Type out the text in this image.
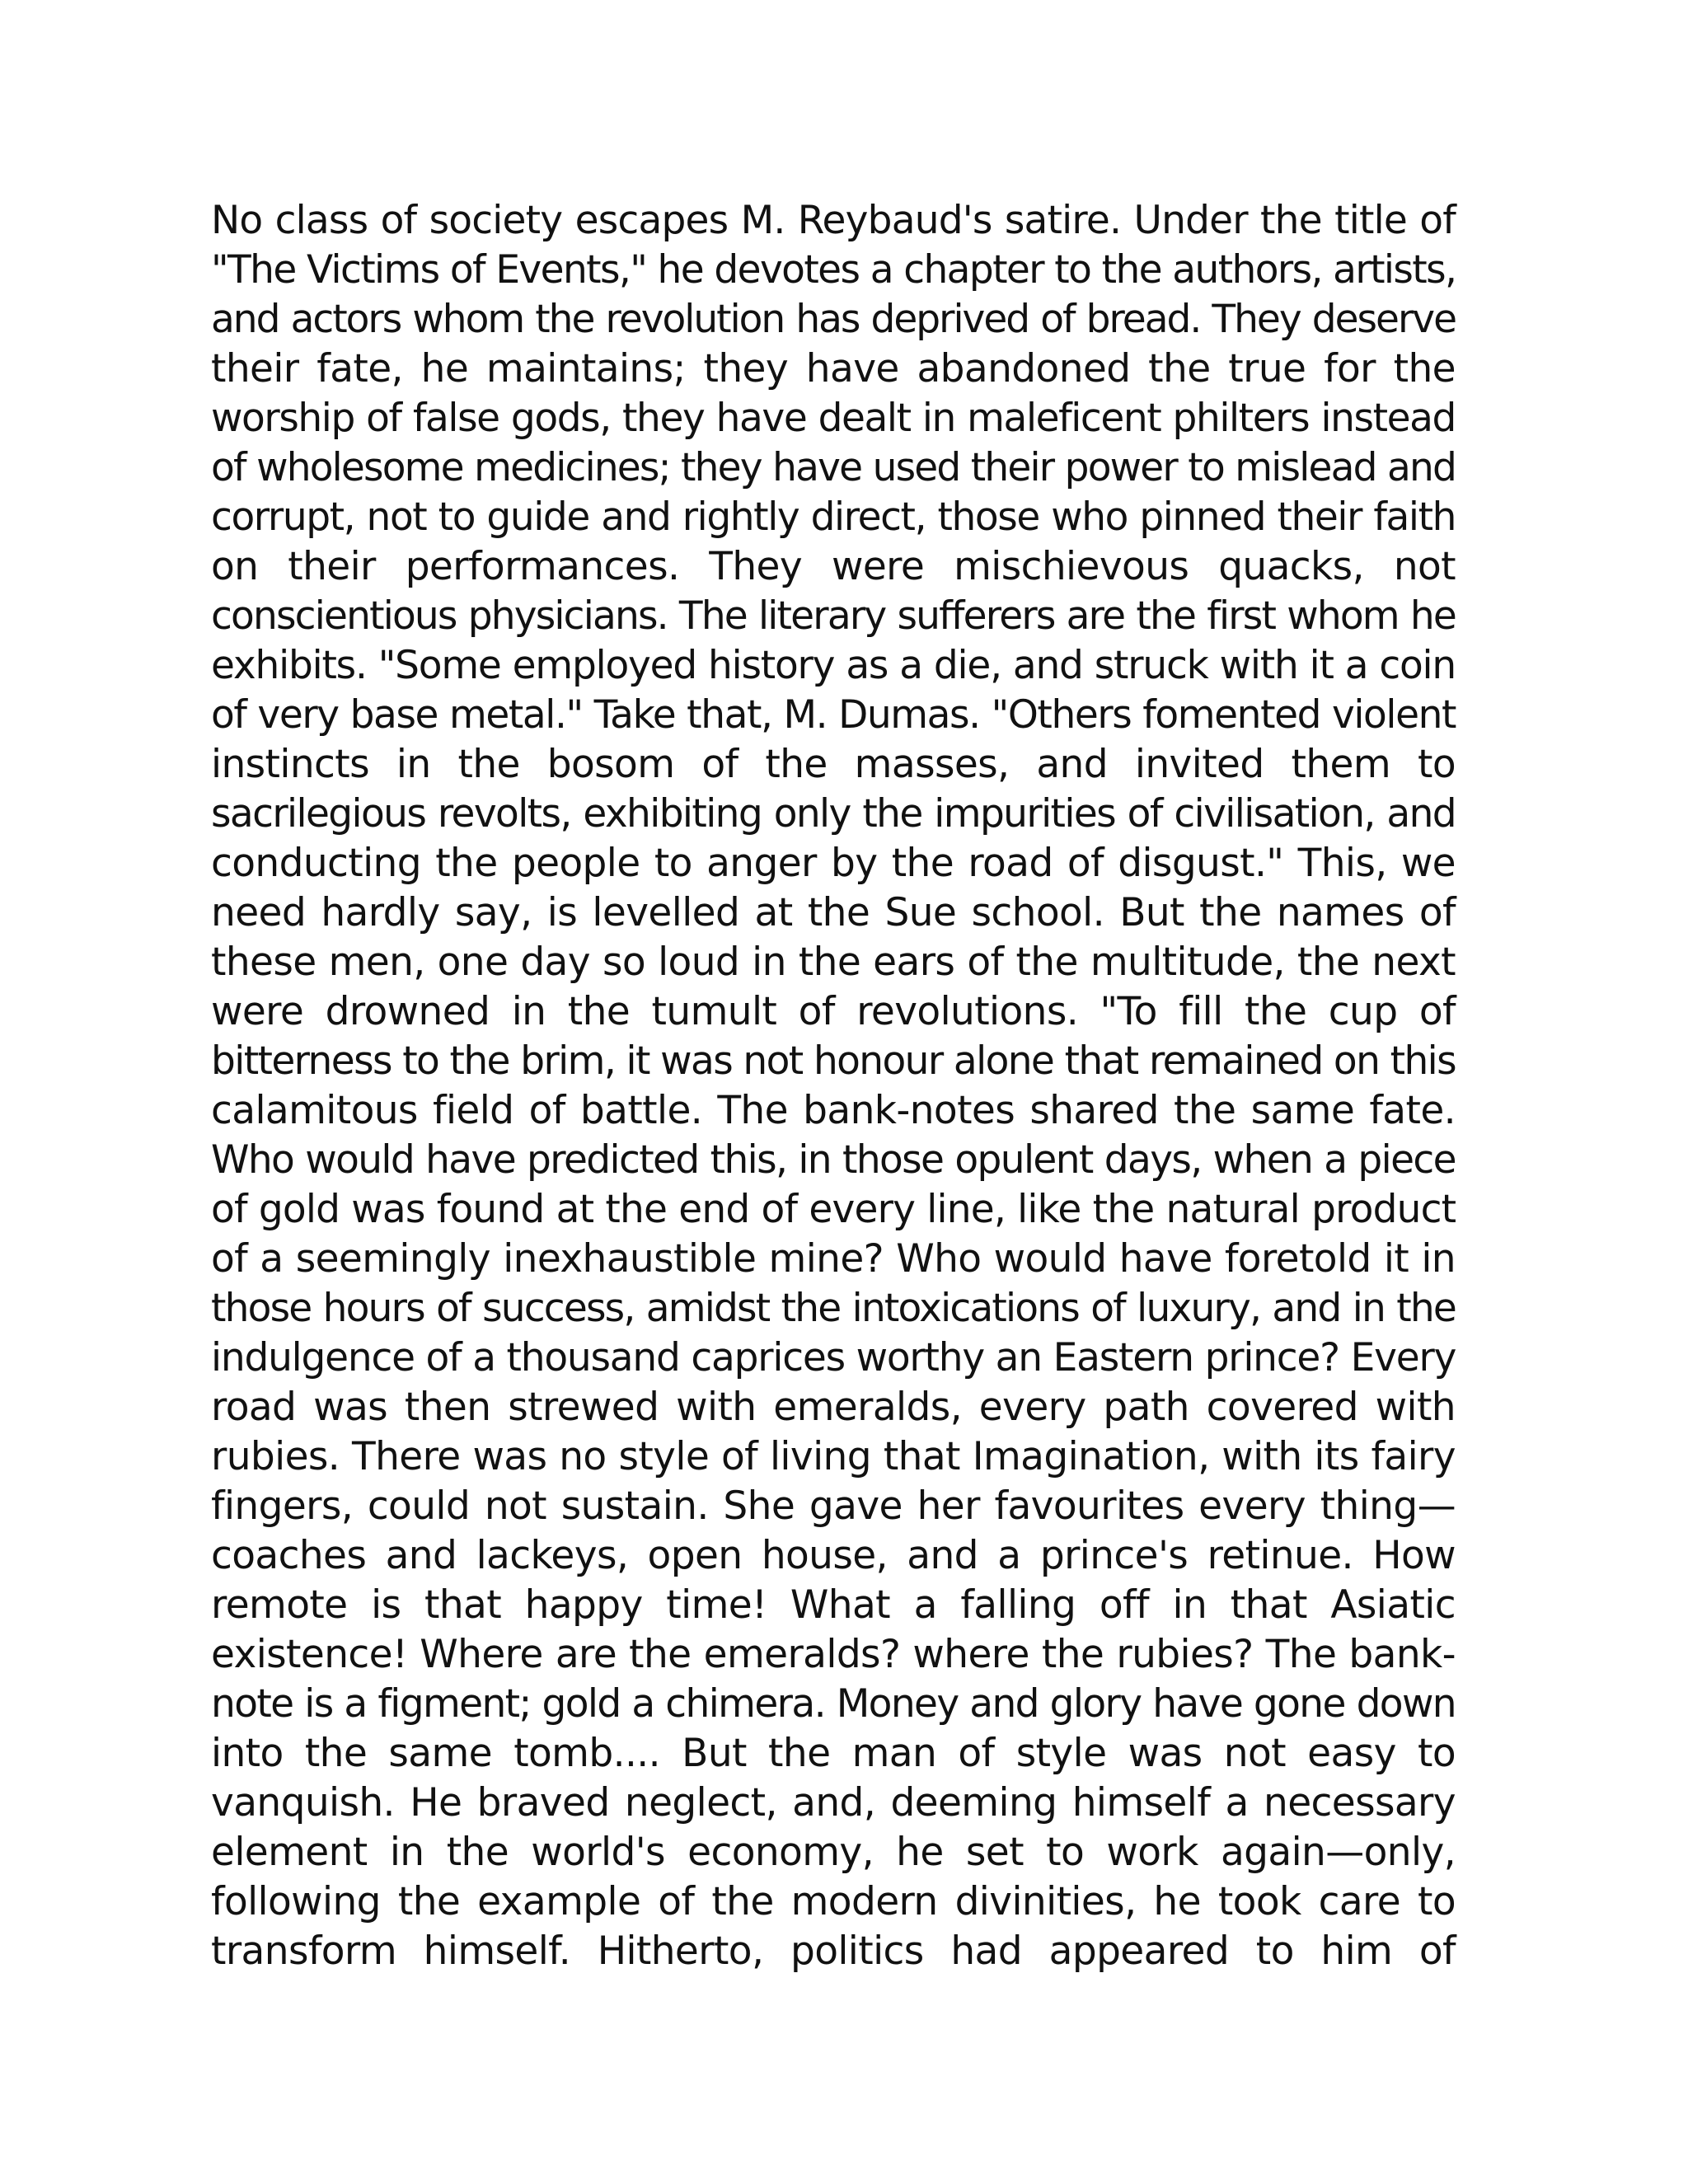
No class of society escapes M. Reybaud's satire. Under the title of
"The Victims of Events," he devotes a chapter to the authors, artists,
and actors whom the revolution has deprived of bread. They deserve
their fate, he maintains; they have abandoned the true for the
worship of false gods, they have dealt in maleficent philters instead
of wholesome medicines; they have used their power to mislead and
corrupt, not to guide and rightly direct, those who pinned their faith
on their performances. They were mischievous quacks, not
conscientious physicians. The literary sufferers are the first whom he
exhibits. "Some employed history as a die, and struck with it a coin
of very base metal." Take that, M. Dumas. "Others fomented violent
instincts in the bosom of the masses, and invited them to
sacrilegious revolts, exhibiting only the impurities of civilisation, and
conducting the people to anger by the road of disgust." This, we
need hardly say, is levelled at the Sue school. But the names of
these men, one day so loud in the ears of the multitude, the next
were drowned in the tumult of revolutions. "To fill the cup of
bitterness to the brim, it was not honour alone that remained on this
calamitous field of battle. The bank-notes shared the same fate.
Who would have predicted this, in those opulent days, when a piece
of gold was found at the end of every line, like the natural product
of a seemingly inexhaustible mine? Who would have foretold it in
those hours of success, amidst the intoxications of luxury, and in the
indulgence of a thousand caprices worthy an Eastern prince? Every
road was then strewed with emeralds, every path covered with
rubies. There was no style of living that Imagination, with its fairy
fingers, could not sustain. She gave her favourites every thing—
coaches and lackeys, open house, and a prince's retinue. How
remote is that happy time! What a falling off in that Asiatic
existence! Where are the emeralds? where the rubies? The bank-
note is a figment; gold a chimera. Money and glory have gone down
into the same tomb.... But the man of style was not easy to
vanquish. He braved neglect, and, deeming himself a necessary
element in the world's economy, he set to work again—only,
following the example of the modern divinities, he took care to
transform himself. Hitherto, politics had appeared to him of
